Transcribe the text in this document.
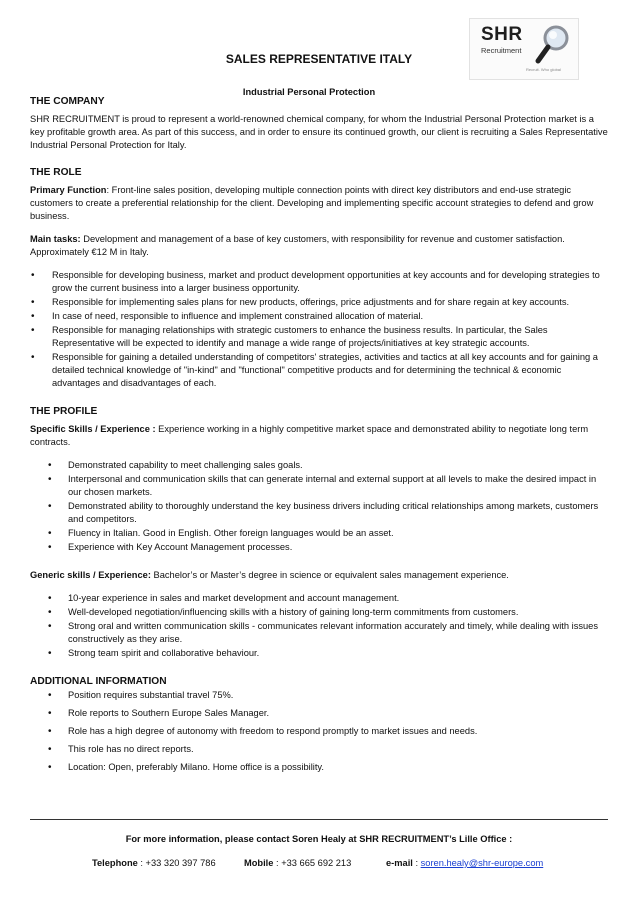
SHR
Recruitment
Recruit. Who global
SALES REPRESENTATIVE ITALY
Industrial Personal Protection
THE COMPANY

SHR RECRUITMENT is proud to represent a world-renowned chemical company, for whom the Industrial Personal Protection market is a key profitable growth area. As part of this success, and in order to ensure its continued growth, our client is recruiting a Sales Representative Industrial Personal Protection for Italy.

THE ROLE

Primary Function: Front-line sales position, developing multiple connection points with direct key distributors and end-use strategic customers to create a preferential relationship for the client. Developing and implementing specific account strategies to defend and grow business.

Main tasks: Development and management of a base of key customers, with responsibility for revenue and customer satisfaction. Approximately €12 M in Italy.

• Responsible for developing business, market and product development opportunities at key accounts and for developing strategies to grow the current business into a larger business opportunity.
• Responsible for implementing sales plans for new products, offerings, price adjustments and for share regain at key accounts.
• In case of need, responsible to influence and implement constrained allocation of material.
• Responsible for managing relationships with strategic customers to enhance the business results. In particular, the Sales Representative will be expected to identify and manage a wide range of projects/initiatives at key strategic accounts.
• Responsible for gaining a detailed understanding of competitors' strategies, activities and tactics at all key accounts and for gaining a detailed technical knowledge of "in-kind" and "functional" competitive products and for determining the technical & economic advantages and disadvantages of each.
THE PROFILE

Specific Skills / Experience : Experience working in a highly competitive market space and demonstrated ability to negotiate long term contracts.

• Demonstrated capability to meet challenging sales goals.
• Interpersonal and communication skills that can generate internal and external support at all levels to make the desired impact in our chosen markets.
• Demonstrated ability to thoroughly understand the key business drivers including critical relationships among markets, customers and competitors.
• Fluency in Italian. Good in English. Other foreign languages would be an asset.
• Experience with Key Account Management processes.

Generic skills / Experience: Bachelor’s or Master’s degree in science or equivalent sales management experience.

• 10-year experience in sales and market development and account management.
• Well-developed negotiation/influencing skills with a history of gaining long-term commitments from customers.
• Strong oral and written communication skills - communicates relevant information accurately and timely, while dealing with issues constructively as they arise.
• Strong team spirit and collaborative behaviour.
ADDITIONAL INFORMATION
• Position requires substantial travel 75%.
• Role reports to Southern Europe Sales Manager.
• Role has a high degree of autonomy with freedom to respond promptly to market issues and needs.
• This role has no direct reports.
• Location: Open, preferably Milano. Home office is a possibility.
For more information, please contact Soren Healy at SHR RECRUITMENT’s Lille Office :
Telephone : +33 320 397 786	Mobile : +33 665 692 213	e-mail : soren.healy@shr-europe.com
